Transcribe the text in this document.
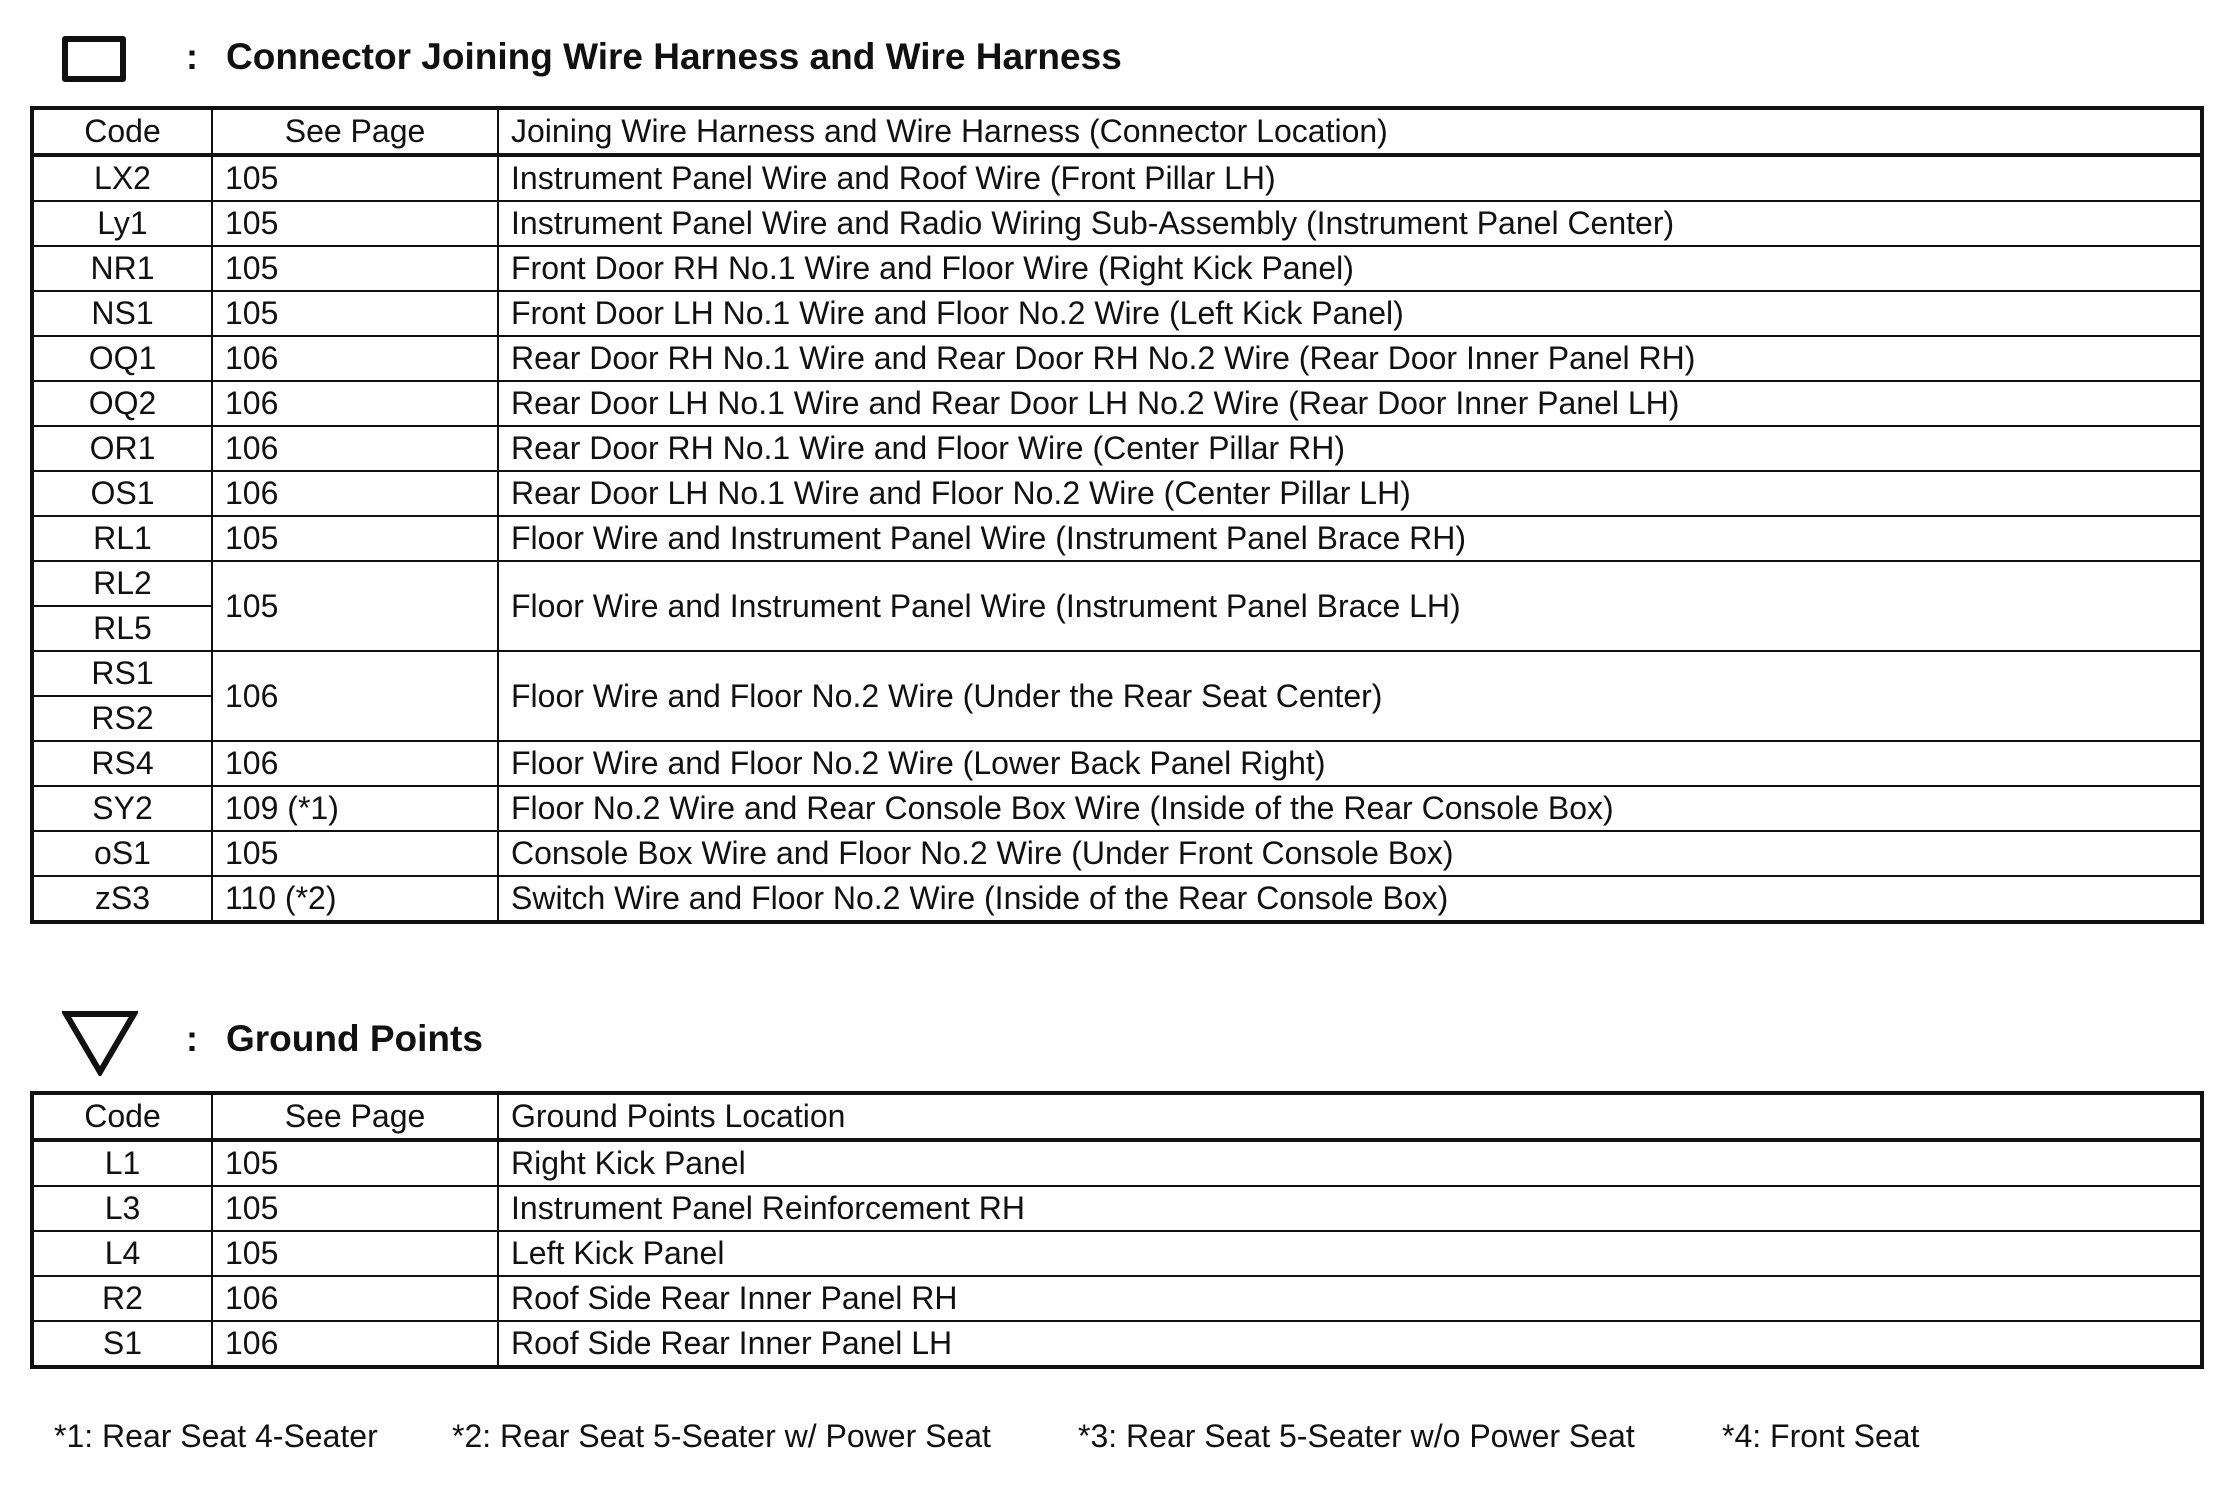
: Connector Joining Wire Harness and Wire Harness
Code	See Page	Joining Wire Harness and Wire Harness (Connector Location)
LX2	105	Instrument Panel Wire and Roof Wire (Front Pillar LH)
Ly1	105	Instrument Panel Wire and Radio Wiring Sub-Assembly (Instrument Panel Center)
NR1	105	Front Door RH No.1 Wire and Floor Wire (Right Kick Panel)
NS1	105	Front Door LH No.1 Wire and Floor No.2 Wire (Left Kick Panel)
OQ1	106	Rear Door RH No.1 Wire and Rear Door RH No.2 Wire (Rear Door Inner Panel RH)
OQ2	106	Rear Door LH No.1 Wire and Rear Door LH No.2 Wire (Rear Door Inner Panel LH)
OR1	106	Rear Door RH No.1 Wire and Floor Wire (Center Pillar RH)
OS1	106	Rear Door LH No.1 Wire and Floor No.2 Wire (Center Pillar LH)
RL1	105	Floor Wire and Instrument Panel Wire (Instrument Panel Brace RH)
RL2	105	Floor Wire and Instrument Panel Wire (Instrument Panel Brace LH)
RL5		
RS1	106	Floor Wire and Floor No.2 Wire (Under the Rear Seat Center)
RS2		
RS4	106	Floor Wire and Floor No.2 Wire (Lower Back Panel Right)
SY2	109 (*1)	Floor No.2 Wire and Rear Console Box Wire (Inside of the Rear Console Box)
oS1	105	Console Box Wire and Floor No.2 Wire (Under Front Console Box)
zS3	110 (*2)	Switch Wire and Floor No.2 Wire (Inside of the Rear Console Box)
: Ground Points
Code	See Page	Ground Points Location
L1	105	Right Kick Panel
L3	105	Instrument Panel Reinforcement RH
L4	105	Left Kick Panel
R2	106	Roof Side Rear Inner Panel RH
S1	106	Roof Side Rear Inner Panel LH
*1: Rear Seat 4-Seater *2: Rear Seat 5-Seater w/ Power Seat	*3: Rear Seat 5-Seater w/o Power Seat	*4: Front Seat
